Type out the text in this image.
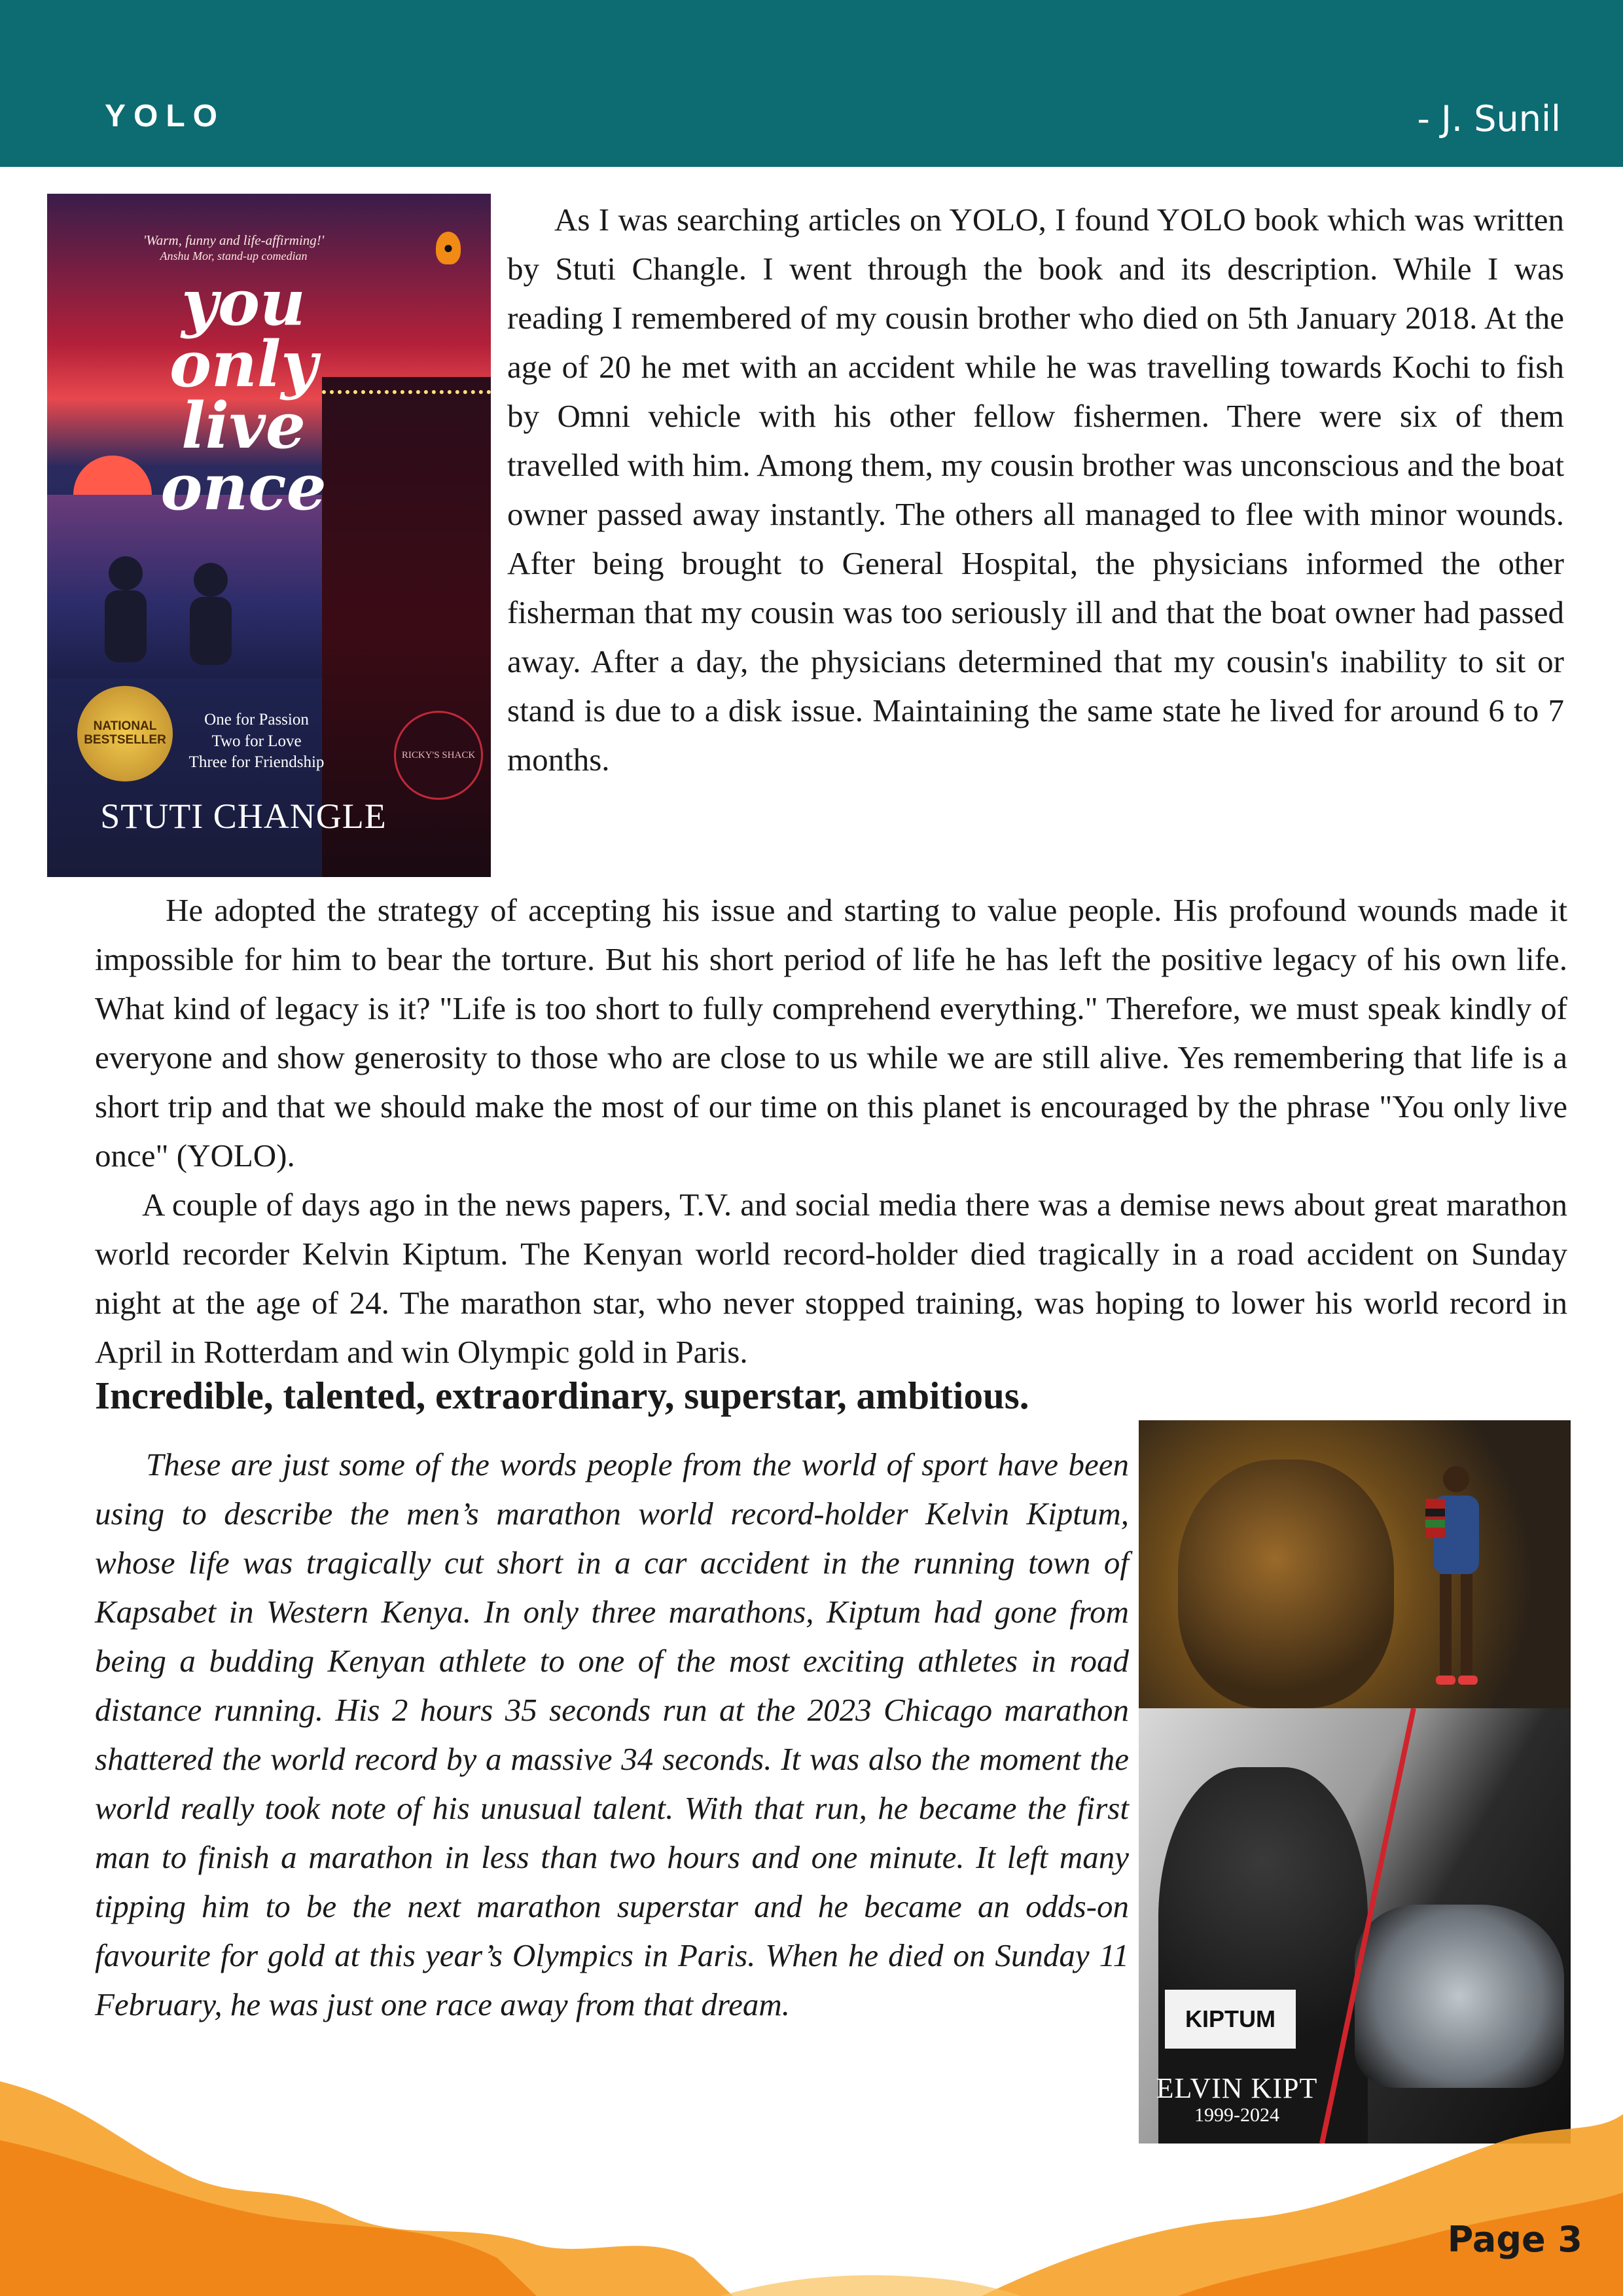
YOLO	- J. Sunil
'Warm, funny and life-affirming!'
Anshu Mor, stand-up comedian	●
you
only
live
once
NATIONAL BESTSELLER
One for Passion
Two for Love
Three for Friendship	RICKY'S SHACK
STUTI CHANGLE

As I was searching articles on YOLO, I found YOLO book which was written by Stuti Changle. I went through the book and its description. While I was reading I remembered of my cousin brother who died on 5th January 2018. At the age of 20 he met with an accident while he was travelling towards Kochi to fish by Omni vehicle with his other fellow fishermen. There were six of them travelled with him. Among them, my cousin brother was unconscious and the boat owner passed away instantly. The others all managed to flee with minor wounds. After being brought to General Hospital, the physicians informed the other fisherman that my cousin was too seriously ill and that the boat owner had passed away. After a day, the physicians determined that my cousin's inability to sit or stand is due to a disk issue. Maintaining the same state he lived for around 6 to 7 months.

He adopted the strategy of accepting his issue and starting to value people. His profound wounds made it impossible for him to bear the torture. But his short period of life he has left the positive legacy of his own life. What kind of legacy is it? "Life is too short to fully comprehend everything." Therefore, we must speak kindly of everyone and show generosity to those who are close to us while we are still alive. Yes remembering that life is a short trip and that we should make the most of our time on this planet is encouraged by the phrase "You only live once" (YOLO).

A couple of days ago in the news papers, T.V. and social media there was a demise news about great marathon world recorder Kelvin Kiptum. The Kenyan world record-holder died tragically in a road accident on Sunday night at the age of 24. The marathon star, who never stopped training, was hoping to lower his world record in April in Rotterdam and win Olympic gold in Paris.

Incredible, talented, extraordinary, superstar, ambitious.

These are just some of the words people from the world of sport have been using to describe the men’s marathon world record-holder Kelvin Kiptum, whose life was tragically cut short in a car accident in the running town of Kapsabet in Western Kenya. In only three marathons, Kiptum had gone from being a budding Kenyan athlete to one of the most exciting athletes in road distance running. His 2 hours 35 seconds run at the 2023 Chicago marathon shattered the world record by a massive 34 seconds. It was also the moment the world really took note of his unusual talent. With that run, he became the first man to finish a marathon in less than two hours and one minute. It left many tipping him to be the next marathon superstar and he became an odds-on favourite for gold at this year’s Olympics in Paris. When he died on Sunday 11 February, he was just one race away from that dream.	KIPTUM
ELVIN KIPT
1999-2024
Page 3
